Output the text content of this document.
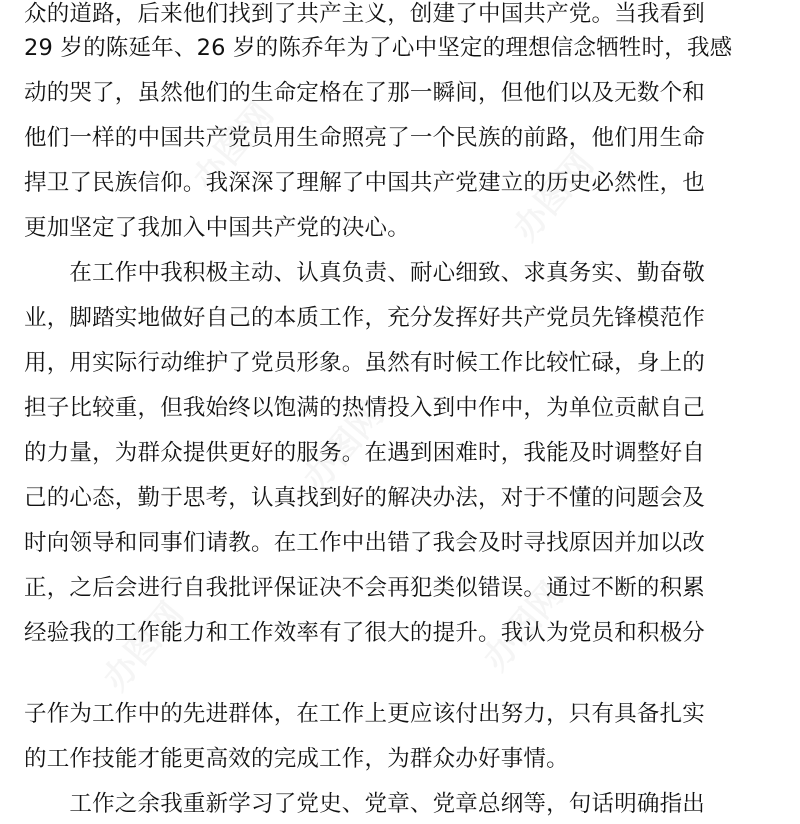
办图网	办图网
办图网
办图网	办图网
众的道路，后来他们找到了共产主义，创建了中国共产党。当我看到
29 岁的陈延年、26 岁的陈乔年为了心中坚定的理想信念牺牲时，我感
动的哭了，虽然他们的生命定格在了那一瞬间，但他们以及无数个和
他们一样的中国共产党员用生命照亮了一个民族的前路，他们用生命
捍卫了民族信仰。我深深了理解了中国共产党建立的历史必然性，也
更加坚定了我加入中国共产党的决心。
　　在工作中我积极主动、认真负责、耐心细致、求真务实、勤奋敬
业，脚踏实地做好自己的本质工作，充分发挥好共产党员先锋模范作
用，用实际行动维护了党员形象。虽然有时候工作比较忙碌，身上的
担子比较重，但我始终以饱满的热情投入到中作中，为单位贡献自己
的力量，为群众提供更好的服务。在遇到困难时，我能及时调整好自
己的心态，勤于思考，认真找到好的解决办法，对于不懂的问题会及
时向领导和同事们请教。在工作中出错了我会及时寻找原因并加以改
正，之后会进行自我批评保证决不会再犯类似错误。通过不断的积累
经验我的工作能力和工作效率有了很大的提升。我认为党员和积极分
子作为工作中的先进群体，在工作上更应该付出努力，只有具备扎实
的工作技能才能更高效的完成工作，为群众办好事情。
　　工作之余我重新学习了党史、党章、党章总纲等，句话明确指出
